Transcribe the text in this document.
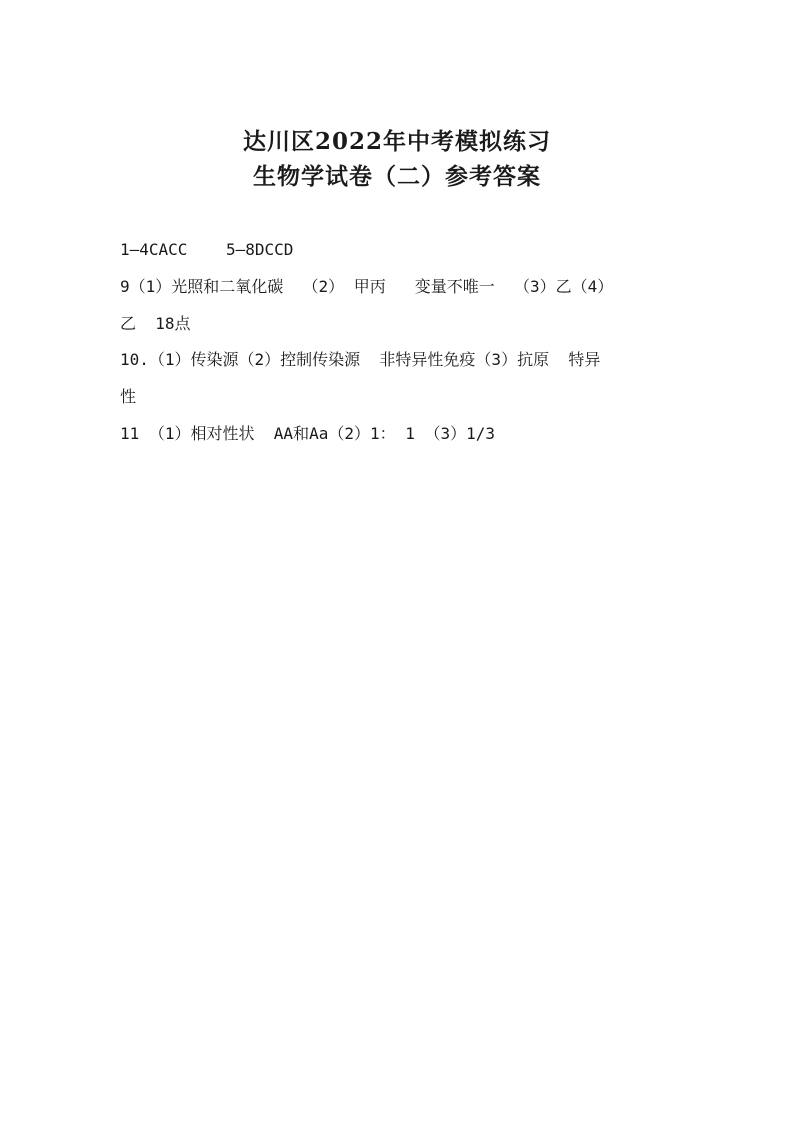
达川区2022年中考模拟练习
生物学试卷（二）参考答案
1—4CACC    5—8DCCD
9（1）光照和二氧化碳  （2） 甲丙   变量不唯一  （3）乙（4）
乙  18点
10.（1）传染源（2）控制传染源  非特异性免疫（3）抗原  特异
性
11 （1）相对性状  AA和Aa（2）1： 1 （3）1/3
